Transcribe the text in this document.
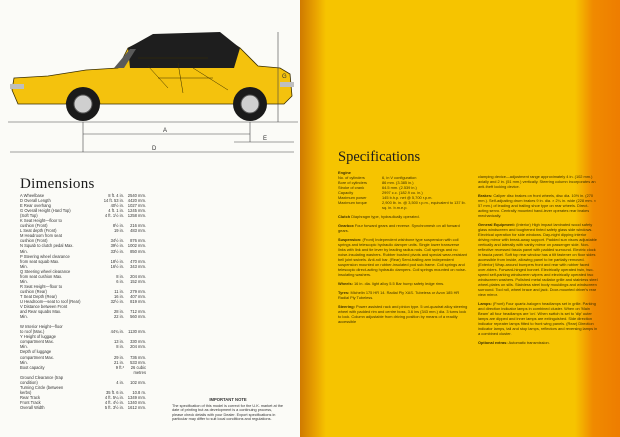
A
E
D
G
Dimensions
A Wheelbase	8 ft. 4 in. 2540 mm.
D Overall Length	14 ft. 53 in. 4420 mm.
E Rear overhang	40½ in. 1027 mm.
G Overall Height (Hard Top)	4 ft. 1 in. 1245 mm.
(Soft Top)	4 ft. 1½ in. 1258 mm.
K Seat Height—floor to
cushion (Front)	8½ in.	216 mm.
L Seat depth (Front)	19 in.	483 mm.
M Headroom from seat
cushion (Front)	34½ in.	876 mm.
N Squab to clutch pedal Max.	39½ in. 1002 mm.
Min.	33½ in.	850 mm.
P Steering wheel clearance
from seat squab Max.	18½ in.	470 mm.
Min.	16½ in.	343 mm.
Q Steering wheel clearance
from seat cushion Max.	8 in.	204 mm.
Min.	6 in.	152 mm.
R Seat Height—floor to
cushion (Rear)	11 in.	279 mm.
T Seat Depth (Rear)	16 in.	407 mm.
U Headroom—seat to roof (Rear)	32½ in.	819 mm.
V Distance between Front
and Rear squabs Max.	28 in.	712 mm.
Min.	22 in.	560 mm.

W Interior Height—floor
to roof (Max.)	44¾ in. 1130 mm.
Y Height of luggage
compartment Max.	13 in.	330 mm.
Min.	8 in.	204 mm.
Depth of luggage
compartment Max.	29 in.	736 mm.
Min.	21 in.	533 mm.
Boot capacity	9 ft.³	26 cubic
metres
Ground Clearance (trap
condition)	4 in.	102 mm.
Turning Circle (between
kerbs)	35 ft. 6 in.	10.8 m.
Rear Track	4 ft. 5¼ in. 1349 mm.
Front Track	4 ft. 4½ in. 1340 mm.
Overall Width	5 ft. 3½ in. 1612 mm.
IMPORTANT NOTE
The specification of this model is correct for the U.K. market at the date of printing but as development is a continuing process, please check details with your Dealer. Export specifications in particular may differ to suit local conditions and regulations.
Specifications
Engine
No. of cylinders	6, in V configuration
Bore of cylinders	86 mm. (3.385 in.)
Stroke of crank	64.5 mm. (2.539 in.)
Capacity	2997 c.c. (182.9 cu. in.)
Maximum power	145 b.h.p. net @ 5,700 r.p.m.
Maximum torque	2,900 lb. in. @ 3,500 r.p.m., equivalent to 137 lb. sq. in. b.m.e.p.
Clutch Diaphragm type, hydraulically operated.
Gearbox Four forward gears and reverse. Synchromesh on all forward gears.
Suspension: (Front) Independent wishbone type suspension with coil springs and telescopic hydraulic damper units. Single lower transverse links with link and tie lever by leading radius rods. Coil springs and no noise-insulating washers. Rubber bushed pivots and special wear-resistant bell joint swivels. Anti-roll bar. (Rear) Semi-trailing arm independent suspension mounted on rubber-insulated pod sub-frame. Coil springs and telescopic direct-acting hydraulic dampers. Coil springs mounted on noise-insulating washers.
Wheels: 16 in. dia. light alloy 5.5 Bar hump safety ledge rims.
Tyres: Michelin 175 HR 14. Radial Ply XAS. Tubeless or Avon 185 HR Radial Ply Tubeless.
Steering: Power assisted rack and pinion type. 5 uni-quadrat alloy steering wheel with padded rim and centre boss, 3.6 ins (343 mm.) dia. 3 turns lock to lock. Column adjustable from driving position by means of a readily accessible
clamping device—adjustment range approximately 4 in. (102 mm.) axially and 2 in. (51 mm.) vertically. Steering column incorporates an anti-theft locking device.
Brakes: Caliper disc brakes on front wheels, disc dia. 10½ in. (270 mm.). Self-adjusting drum brakes 9 in. dia. × 2¼ in. wide (228 mm. × 57 mm.) of leading and trailing shoe type on rear wheels. Direct-acting servo. Centrally mounted hand-lever operates rear brakes mechanically.
General Equipment: (Interior) High impact laminated wood safety glass windscreen and toughened tinted safety glass side windows. Electrical operation for side windows. Day-night dipping interior driving mirror with break-away support. Padded sun visors adjustable vertically and laterally with vanity mirror on passenger side. Non-reflective recessed fascia panel with padded surround. Electric clock in fascia panel. Soft top rear window has a tilt fastener on floor sides accessible from inside, allowing panel to be partially removed. (Exterior) Wrap-around bumpers front and rear with rubber faced over-riders. Forward-hinged bonnet. Electrically operated twin, two-speed self-parking windscreen wipers and electrically operated two windscreen washers. Polished metal radiator grille and stainless steel wheel-plates on sills. Stainless steel body mouldings and windscreen surround. Tool roll, wheel brace and jack. Door-mounted driver's rear view mirror.
Lamps: (Front) Four quartz-halogen headlamps set in grille. Parking and direction indicator lamps in combined cluster. When on 'Main Beam' all four headlamps are 'on'. When switch is set to 'dip' outer lamps are dipped and inner lamps are extinguished. Side direction indicator repeater lamps fitted to front wing panels. (Rear) Direction indicator lamps, tail and stop lamps, reflectors and reversing lamps in a combined cluster.
Optional extras: Automatic transmission.
